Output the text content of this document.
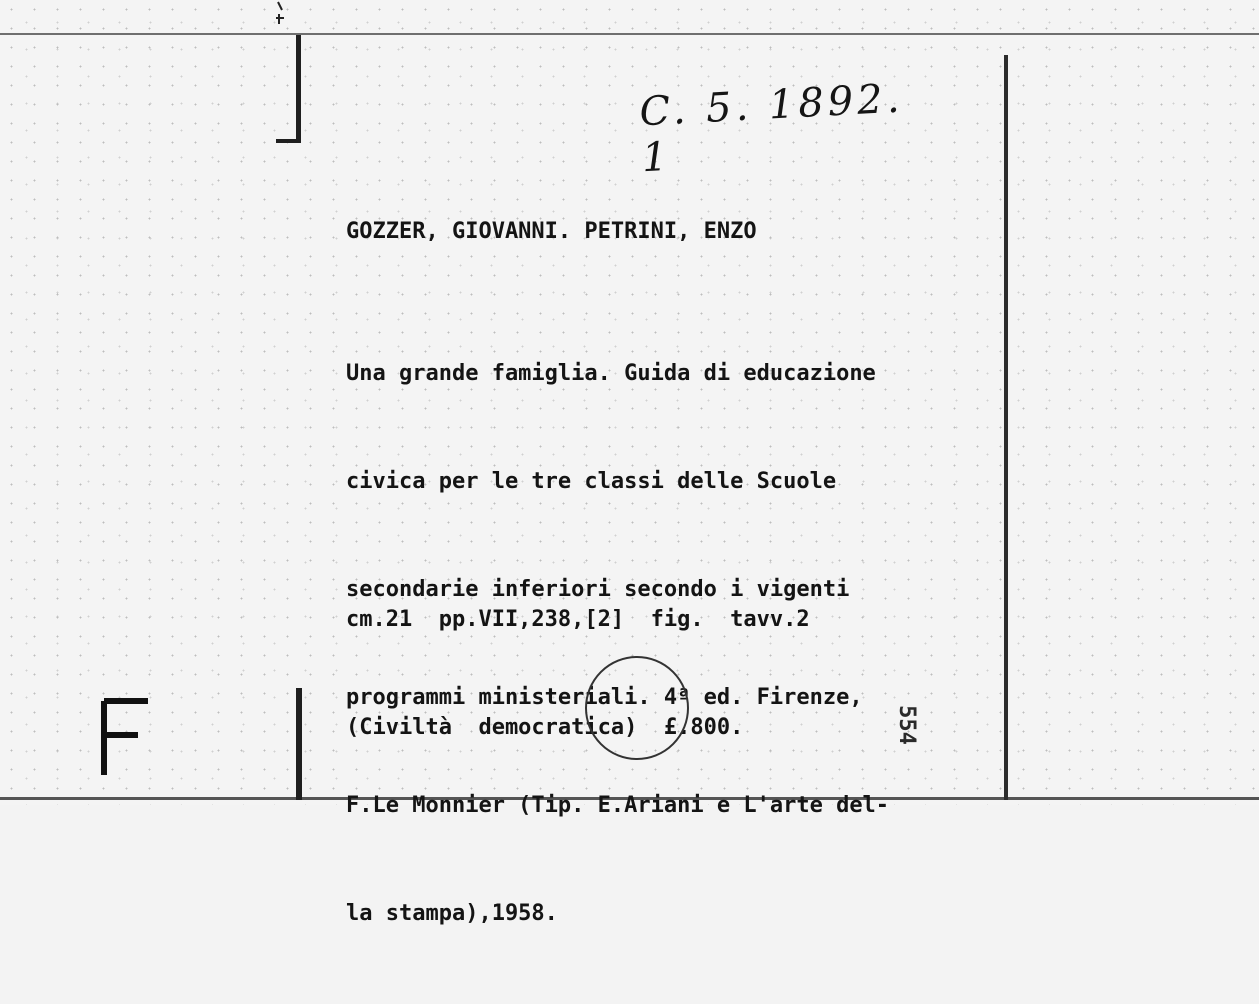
C. 5. 1892. 1
GOZZER, GIOVANNI. PETRINI, ENZO

Una grande famiglia. Guida di educazione

civica per le tre classi delle Scuole

secondarie inferiori secondo i vigenti

programmi ministeriali. 4ª ed. Firenze,

F.Le Monnier (Tip. E.Ariani e L'arte del-

la stampa),1958.

cm.21  pp.VII,238,[2]  fig.  tavv.2

(Civiltà  democratica)  £.800.

	554
